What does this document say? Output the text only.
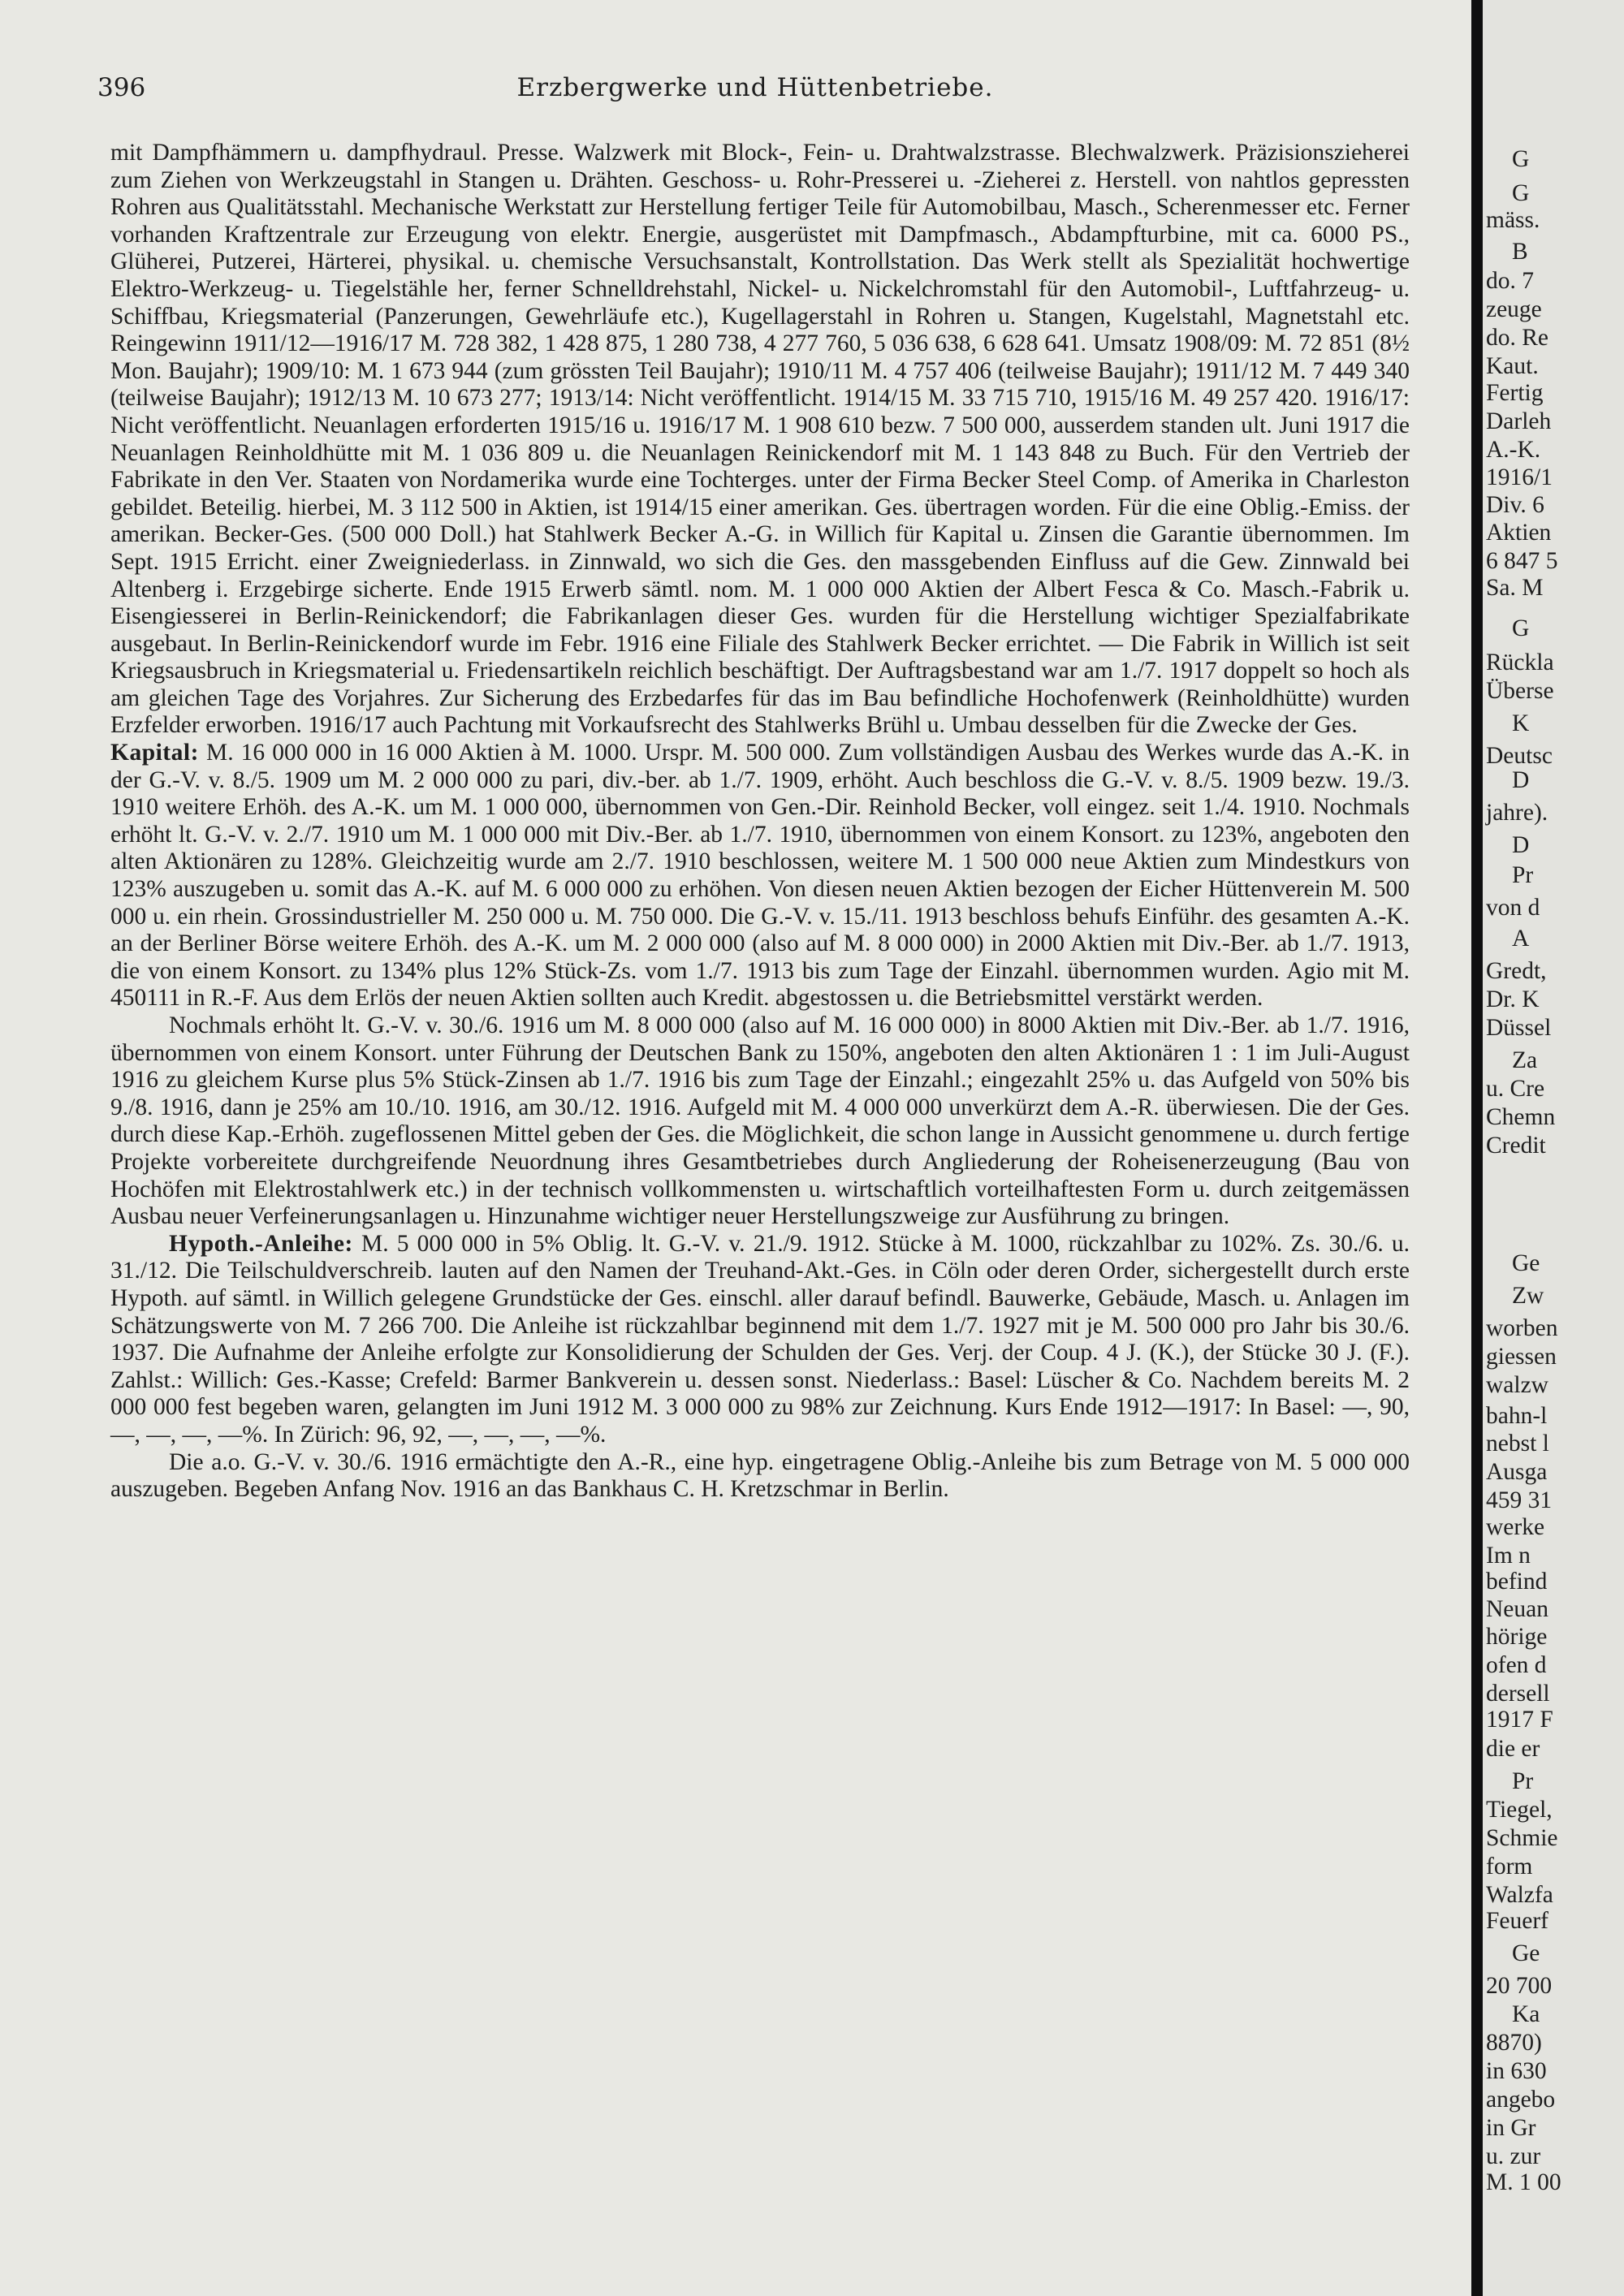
396	Erzbergwerke und Hüttenbetriebe.

mit Dampfhämmern u. dampfhydraul. Presse. Walzwerk mit Block-, Fein- u. Drahtwalzstrasse. Blechwalzwerk. Präzisionszieherei zum Ziehen von Werkzeugstahl in Stangen u. Drähten. Geschoss- u. Rohr-Presserei u. -Zieherei z. Herstell. von nahtlos gepressten Rohren aus Qualitätsstahl. Mechanische Werkstatt zur Herstellung fertiger Teile für Automobilbau, Masch., Scherenmesser etc. Ferner vorhanden Kraftzentrale zur Erzeugung von elektr. Energie, ausgerüstet mit Dampfmasch., Abdampfturbine, mit ca. 6000 PS., Glüherei, Putzerei, Härterei, physikal. u. chemische Versuchsanstalt, Kontrollstation. Das Werk stellt als Spezialität hochwertige Elektro-Werkzeug- u. Tiegelstähle her, ferner Schnelldrehstahl, Nickel- u. Nickelchromstahl für den Automobil-, Luftfahrzeug- u. Schiffbau, Kriegsmaterial (Panzerungen, Gewehrläufe etc.), Kugellagerstahl in Rohren u. Stangen, Kugelstahl, Magnetstahl etc. Reingewinn 1911/12—1916/17 M. 728 382, 1 428 875, 1 280 738, 4 277 760, 5 036 638, 6 628 641. Umsatz 1908/09: M. 72 851 (8½ Mon. Baujahr); 1909/10: M. 1 673 944 (zum grössten Teil Baujahr); 1910/11 M. 4 757 406 (teilweise Baujahr); 1911/12 M. 7 449 340 (teilweise Baujahr); 1912/13 M. 10 673 277; 1913/14: Nicht veröffentlicht. 1914/15 M. 33 715 710, 1915/16 M. 49 257 420. 1916/17: Nicht veröffentlicht. Neuanlagen erforderten 1915/16 u. 1916/17 M. 1 908 610 bezw. 7 500 000, ausserdem standen ult. Juni 1917 die Neuanlagen Reinholdhütte mit M. 1 036 809 u. die Neuanlagen Reinickendorf mit M. 1 143 848 zu Buch. Für den Vertrieb der Fabrikate in den Ver. Staaten von Nordamerika wurde eine Tochterges. unter der Firma Becker Steel Comp. of Amerika in Charleston gebildet. Beteilig. hierbei, M. 3 112 500 in Aktien, ist 1914/15 einer amerikan. Ges. übertragen worden. Für die eine Oblig.-Emiss. der amerikan. Becker-Ges. (500 000 Doll.) hat Stahlwerk Becker A.-G. in Willich für Kapital u. Zinsen die Garantie übernommen. Im Sept. 1915 Erricht. einer Zweigniederlass. in Zinnwald, wo sich die Ges. den massgebenden Einfluss auf die Gew. Zinnwald bei Altenberg i. Erzgebirge sicherte. Ende 1915 Erwerb sämtl. nom. M. 1 000 000 Aktien der Albert Fesca & Co. Masch.-Fabrik u. Eisengiesserei in Berlin-Reinickendorf; die Fabrikanlagen dieser Ges. wurden für die Herstellung wichtiger Spezialfabrikate ausgebaut. In Berlin-Reinickendorf wurde im Febr. 1916 eine Filiale des Stahlwerk Becker errichtet. — Die Fabrik in Willich ist seit Kriegsausbruch in Kriegsmaterial u. Friedensartikeln reichlich beschäftigt. Der Auftragsbestand war am 1./7. 1917 doppelt so hoch als am gleichen Tage des Vorjahres. Zur Sicherung des Erzbedarfes für das im Bau befindliche Hochofenwerk (Reinholdhütte) wurden Erzfelder erworben. 1916/17 auch Pachtung mit Vorkaufsrecht des Stahlwerks Brühl u. Umbau desselben für die Zwecke der Ges.

Kapital: M. 16 000 000 in 16 000 Aktien à M. 1000. Urspr. M. 500 000. Zum vollständigen Ausbau des Werkes wurde das A.-K. in der G.-V. v. 8./5. 1909 um M. 2 000 000 zu pari, div.-ber. ab 1./7. 1909, erhöht. Auch beschloss die G.-V. v. 8./5. 1909 bezw. 19./3. 1910 weitere Erhöh. des A.-K. um M. 1 000 000, übernommen von Gen.-Dir. Reinhold Becker, voll eingez. seit 1./4. 1910. Nochmals erhöht lt. G.-V. v. 2./7. 1910 um M. 1 000 000 mit Div.-Ber. ab 1./7. 1910, übernommen von einem Konsort. zu 123%, angeboten den alten Aktionären zu 128%. Gleichzeitig wurde am 2./7. 1910 beschlossen, weitere M. 1 500 000 neue Aktien zum Mindestkurs von 123% auszugeben u. somit das A.-K. auf M. 6 000 000 zu erhöhen. Von diesen neuen Aktien bezogen der Eicher Hüttenverein M. 500 000 u. ein rhein. Grossindustrieller M. 250 000 u. M. 750 000. Die G.-V. v. 15./11. 1913 beschloss behufs Einführ. des gesamten A.-K. an der Berliner Börse weitere Erhöh. des A.-K. um M. 2 000 000 (also auf M. 8 000 000) in 2000 Aktien mit Div.-Ber. ab 1./7. 1913, die von einem Konsort. zu 134% plus 12% Stück-Zs. vom 1./7. 1913 bis zum Tage der Einzahl. übernommen wurden. Agio mit M. 450111 in R.-F. Aus dem Erlös der neuen Aktien sollten auch Kredit. abgestossen u. die Betriebsmittel verstärkt werden.

Nochmals erhöht lt. G.-V. v. 30./6. 1916 um M. 8 000 000 (also auf M. 16 000 000) in 8000 Aktien mit Div.-Ber. ab 1./7. 1916, übernommen von einem Konsort. unter Führung der Deutschen Bank zu 150%, angeboten den alten Aktionären 1 : 1 im Juli-August 1916 zu gleichem Kurse plus 5% Stück-Zinsen ab 1./7. 1916 bis zum Tage der Einzahl.; eingezahlt 25% u. das Aufgeld von 50% bis 9./8. 1916, dann je 25% am 10./10. 1916, am 30./12. 1916. Aufgeld mit M. 4 000 000 unverkürzt dem A.-R. überwiesen. Die der Ges. durch diese Kap.-Erhöh. zugeflossenen Mittel geben der Ges. die Möglichkeit, die schon lange in Aussicht genommene u. durch fertige Projekte vorbereitete durchgreifende Neuordnung ihres Gesamtbetriebes durch Angliederung der Roheisenerzeugung (Bau von Hochöfen mit Elektrostahlwerk etc.) in der technisch vollkommensten u. wirtschaftlich vorteilhaftesten Form u. durch zeitgemässen Ausbau neuer Verfeinerungsanlagen u. Hinzunahme wichtiger neuer Herstellungszweige zur Ausführung zu bringen.

Hypoth.-Anleihe: M. 5 000 000 in 5% Oblig. lt. G.-V. v. 21./9. 1912. Stücke à M. 1000, rückzahlbar zu 102%. Zs. 30./6. u. 31./12. Die Teilschuldverschreib. lauten auf den Namen der Treuhand-Akt.-Ges. in Cöln oder deren Order, sichergestellt durch erste Hypoth. auf sämtl. in Willich gelegene Grundstücke der Ges. einschl. aller darauf befindl. Bauwerke, Gebäude, Masch. u. Anlagen im Schätzungswerte von M. 7 266 700. Die Anleihe ist rückzahlbar beginnend mit dem 1./7. 1927 mit je M. 500 000 pro Jahr bis 30./6. 1937. Die Aufnahme der Anleihe erfolgte zur Konsolidierung der Schulden der Ges. Verj. der Coup. 4 J. (K.), der Stücke 30 J. (F.). Zahlst.: Willich: Ges.-Kasse; Crefeld: Barmer Bankverein u. dessen sonst. Niederlass.: Basel: Lüscher & Co. Nachdem bereits M. 2 000 000 fest begeben waren, gelangten im Juni 1912 M. 3 000 000 zu 98% zur Zeichnung. Kurs Ende 1912—1917: In Basel: —, 90, —, —, —, —%. In Zürich: 96, 92, —, —, —, —%.

Die a.o. G.-V. v. 30./6. 1916 ermächtigte den A.-R., eine hyp. eingetragene Oblig.-Anleihe bis zum Betrage von M. 5 000 000 auszugeben. Begeben Anfang Nov. 1916 an das Bankhaus C. H. Kretzschmar in Berlin.

G
G
mäss.
B
do. 7
zeuge
do. Re
Kaut.
Fertig
Darleh
A.-K.
1916/1
Div. 6
Aktien
6 847 5
Sa. M
G
Rückla
Überse
K
Deutsc
D
jahre).
D
Pr
von d
A
Gredt,
Dr. K
Düssel
Za
u. Cre
Chemn
Credit
Ge
Zw
worben
giessen
walzw
bahn-l
nebst l
Ausga
459 31
werke
Im n
befind
Neuan
hörige
ofen d
dersell
1917 F
die er
Pr
Tiegel,
Schmie
form
Walzfa
Feuerf
Ge
20 700
Ka
8870)
in 630
angebo
in Gr
u. zur
M. 1 00
